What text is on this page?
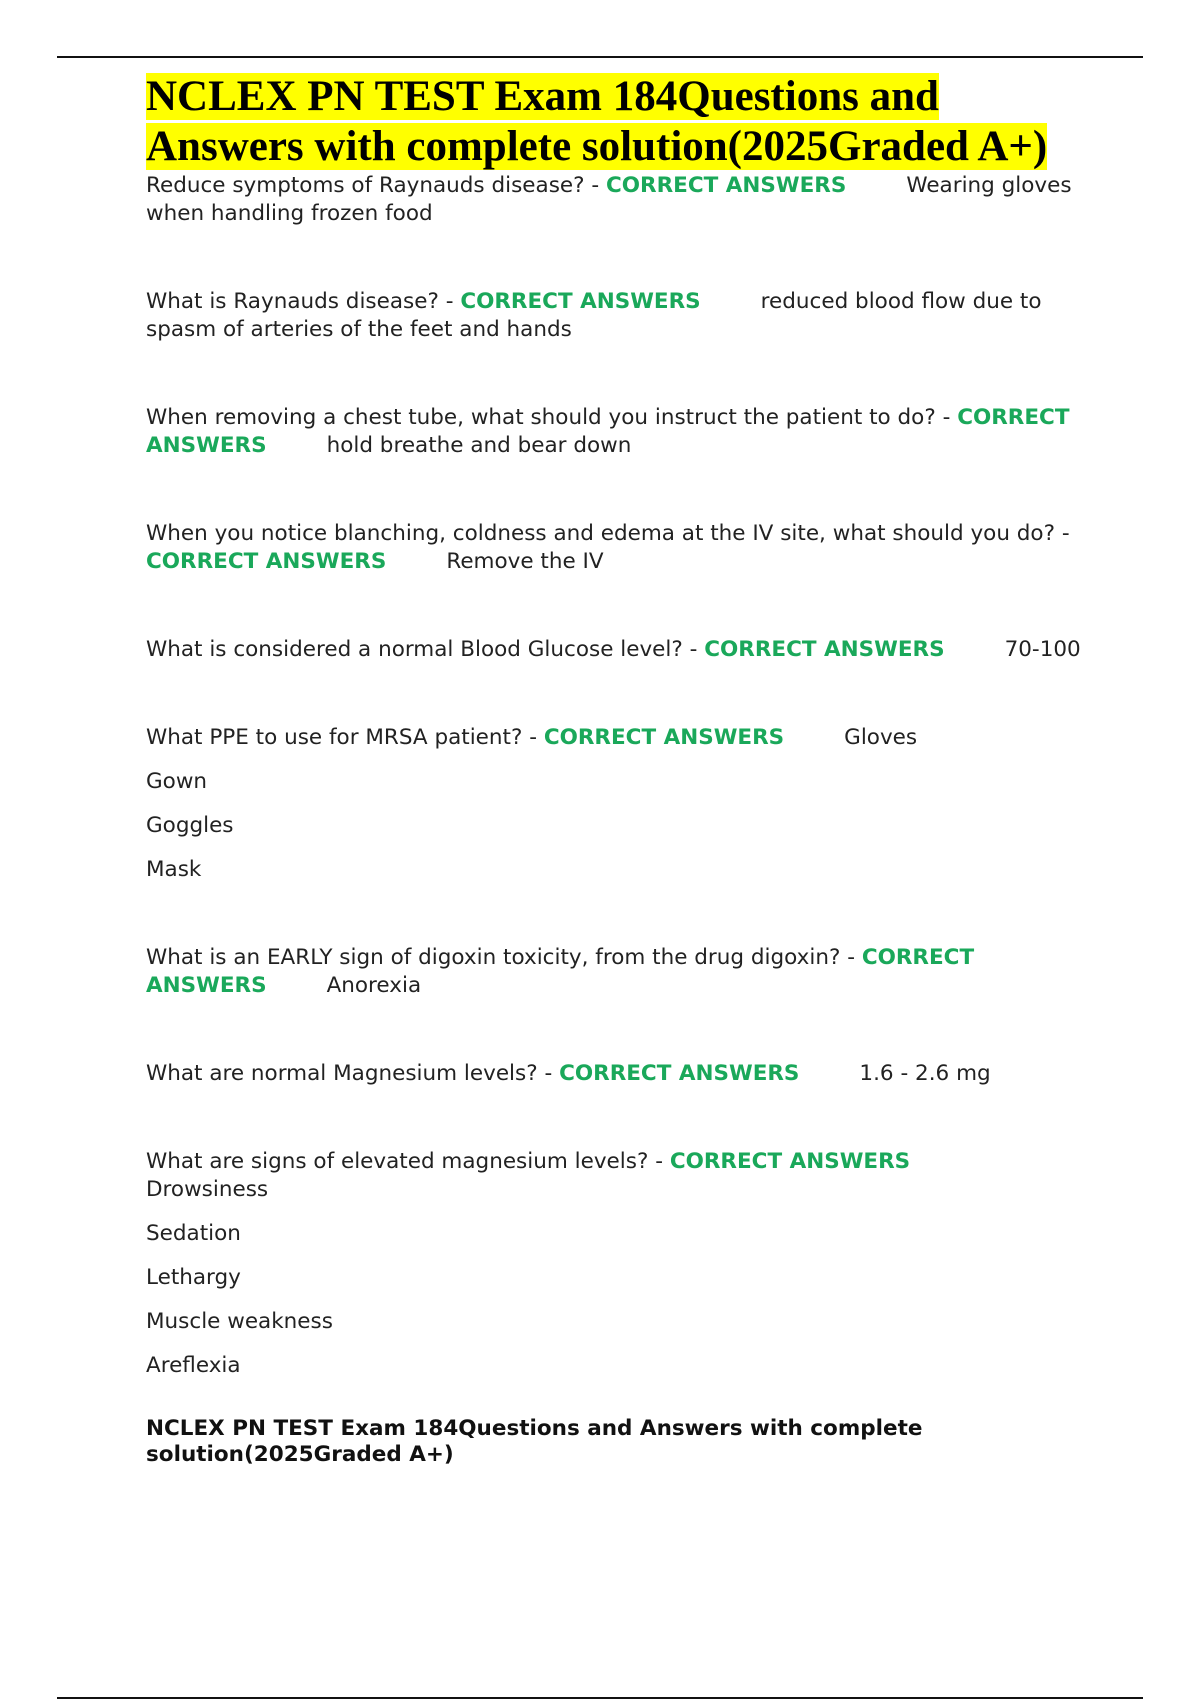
NCLEX PN TEST Exam 184Questions and
Answers with complete solution(2025Graded A+)

Reduce symptoms of Raynauds disease? - CORRECT ANSWERS	Wearing gloves when handling frozen food

What is Raynauds disease? - CORRECT ANSWERS	reduced blood flow due to spasm of arteries of the feet and hands

When removing a chest tube, what should you instruct the patient to do? - CORRECT ANSWERS	hold breathe and bear down

When you notice blanching, coldness and edema at the IV site, what should you do? - CORRECT ANSWERS	Remove the IV

What is considered a normal Blood Glucose level? - CORRECT ANSWERS	70-100

What PPE to use for MRSA patient? - CORRECT ANSWERS	Gloves

Gown

Goggles

Mask

What is an EARLY sign of digoxin toxicity, from the drug digoxin? - CORRECT ANSWERS	Anorexia

What are normal Magnesium levels? - CORRECT ANSWERS	1.6 - 2.6 mg

What are signs of elevated magnesium levels? - CORRECT ANSWERS
Drowsiness

Sedation

Lethargy

Muscle weakness

Areflexia

NCLEX PN TEST Exam 184Questions and Answers with complete solution(2025Graded A+)
